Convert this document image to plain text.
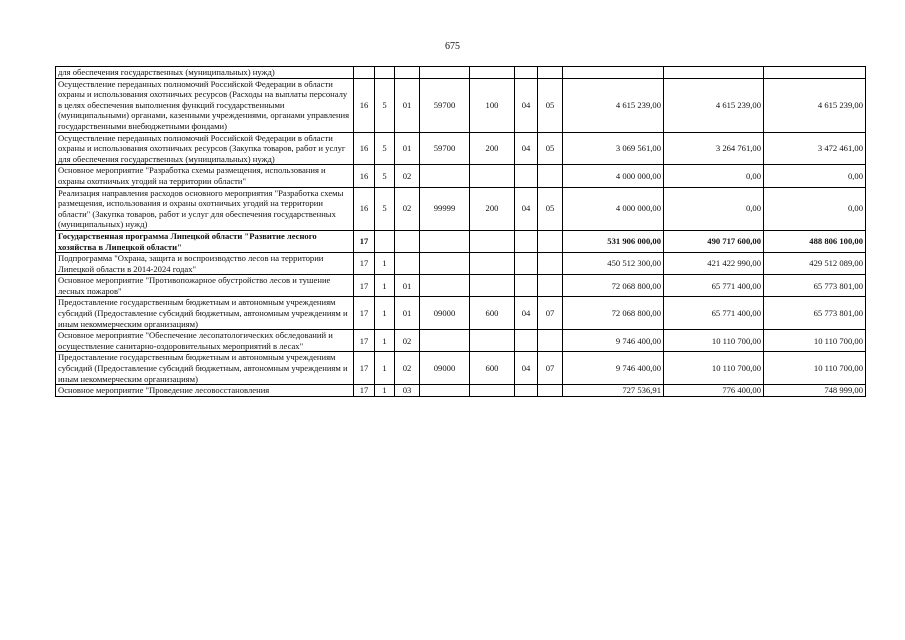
675
для обеспечения государственных (муниципальных) нужд)										
Осуществление переданных полномочий Российской Федерации в области охраны и использования охотничьих ресурсов (Расходы на выплаты персоналу в целях обеспечения выполнения функций государственными (муниципальными) органами, казенными учреждениями, органами управления государственными внебюджетными фондами)	16	5	01	59700	100	04	05	4 615 239,00	4 615 239,00	4 615 239,00
Осуществление переданных полномочий Российской Федерации в области охраны и использования охотничьих ресурсов (Закупка товаров, работ и услуг для обеспечения государственных (муниципальных) нужд)	16	5	01	59700	200	04	05	3 069 561,00	3 264 761,00	3 472 461,00
Основное мероприятие "Разработка схемы размещения, использования и охраны охотничьих угодий на территории области"	16	5	02					4 000 000,00	0,00	0,00
Реализация направления расходов основного мероприятия "Разработка схемы размещения, использования и охраны охотничьих угодий на территории области" (Закупка товаров, работ и услуг для обеспечения государственных (муниципальных) нужд)	16	5	02	99999	200	04	05	4 000 000,00	0,00	0,00
Государственная программа Липецкой области "Развитие лесного хозяйства в Липецкой области"	17							531 906 000,00	490 717 600,00	488 806 100,00
Подпрограмма "Охрана, защита и воспроизводство лесов на территории Липецкой области в 2014-2024 годах"	17	1						450 512 300,00	421 422 990,00	429 512 089,00
Основное мероприятие "Противопожарное обустройство лесов и тушение лесных пожаров"	17	1	01					72 068 800,00	65 771 400,00	65 773 801,00
Предоставление государственным бюджетным и автономным учреждениям субсидий (Предоставление субсидий бюджетным, автономным учреждениям и иным некоммерческим организациям)	17	1	01	09000	600	04	07	72 068 800,00	65 771 400,00	65 773 801,00
Основное мероприятие "Обеспечение лесопатологических обследований и осуществление санитарно-оздоровительных мероприятий в лесах"	17	1	02					9 746 400,00	10 110 700,00	10 110 700,00
Предоставление государственным бюджетным и автономным учреждениям субсидий (Предоставление субсидий бюджетным, автономным учреждениям и иным некоммерческим организациям)	17	1	02	09000	600	04	07	9 746 400,00	10 110 700,00	10 110 700,00
Основное мероприятие "Проведение лесовосстановления	17	1	03					727 536,91	776 400,00	748 999,00
